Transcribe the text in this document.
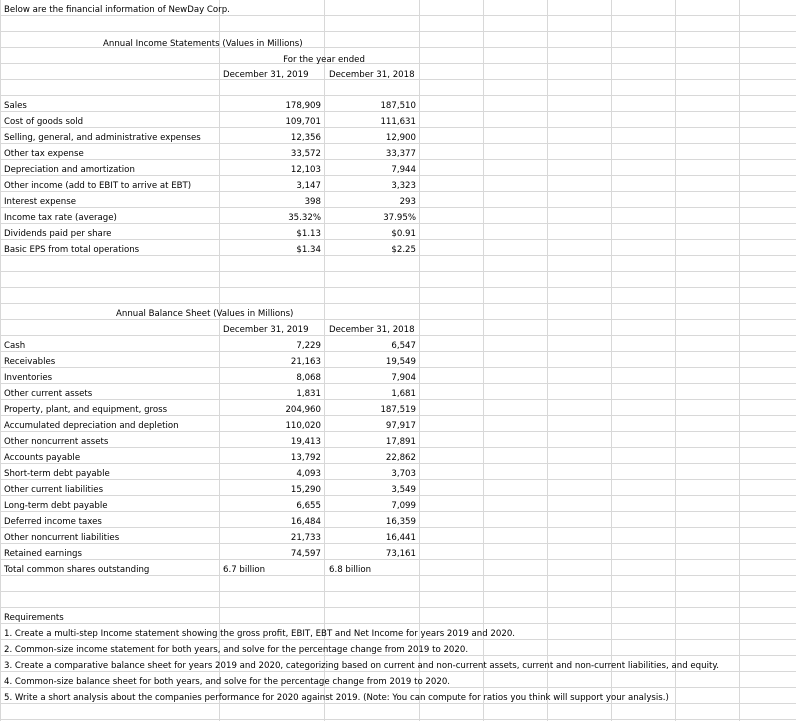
Below are the financial information of NewDay Corp.
Annual Income Statements (Values in Millions)
For the year ended
December 31, 2019 December 31, 2018
Sales	178,909	187,510
Cost of goods sold	109,701	111,631
Selling, general, and administrative expenses	12,356	12,900
Other tax expense	33,572	33,377
Depreciation and amortization	12,103	7,944
Other income (add to EBIT to arrive at EBT)	3,147	3,323
Interest expense	398	293
Income tax rate (average)	35.32%	37.95%
Dividends paid per share	$1.13	$0.91
Basic EPS from total operations	$1.34	$2.25
Annual Balance Sheet (Values in Millions)
December 31, 2019 December 31, 2018
Cash	7,229	6,547
Receivables	21,163	19,549
Inventories	8,068	7,904
Other current assets	1,831	1,681
Property, plant, and equipment, gross	204,960	187,519
Accumulated depreciation and depletion	110,020	97,917
Other noncurrent assets	19,413	17,891
Accounts payable	13,792	22,862
Short-term debt payable	4,093	3,703
Other current liabilities	15,290	3,549
Long-term debt payable	6,655	7,099
Deferred income taxes	16,484	16,359
Other noncurrent liabilities	21,733	16,441
Retained earnings	74,597	73,161
Total common shares outstanding	6.7 billion	6.8 billion
Requirements
1. Create a multi-step Income statement showing the gross profit, EBIT, EBT and Net Income for years 2019 and 2020.
2. Common-size income statement for both years, and solve for the percentage change from 2019 to 2020.
3. Create a comparative balance sheet for years 2019 and 2020, categorizing based on current and non-current assets, current and non-current liabilities, and equity.
4. Common-size balance sheet for both years, and solve for the percentage change from 2019 to 2020.
5. Write a short analysis about the companies performance for 2020 against 2019. (Note: You can compute for ratios you think will support your analysis.)
